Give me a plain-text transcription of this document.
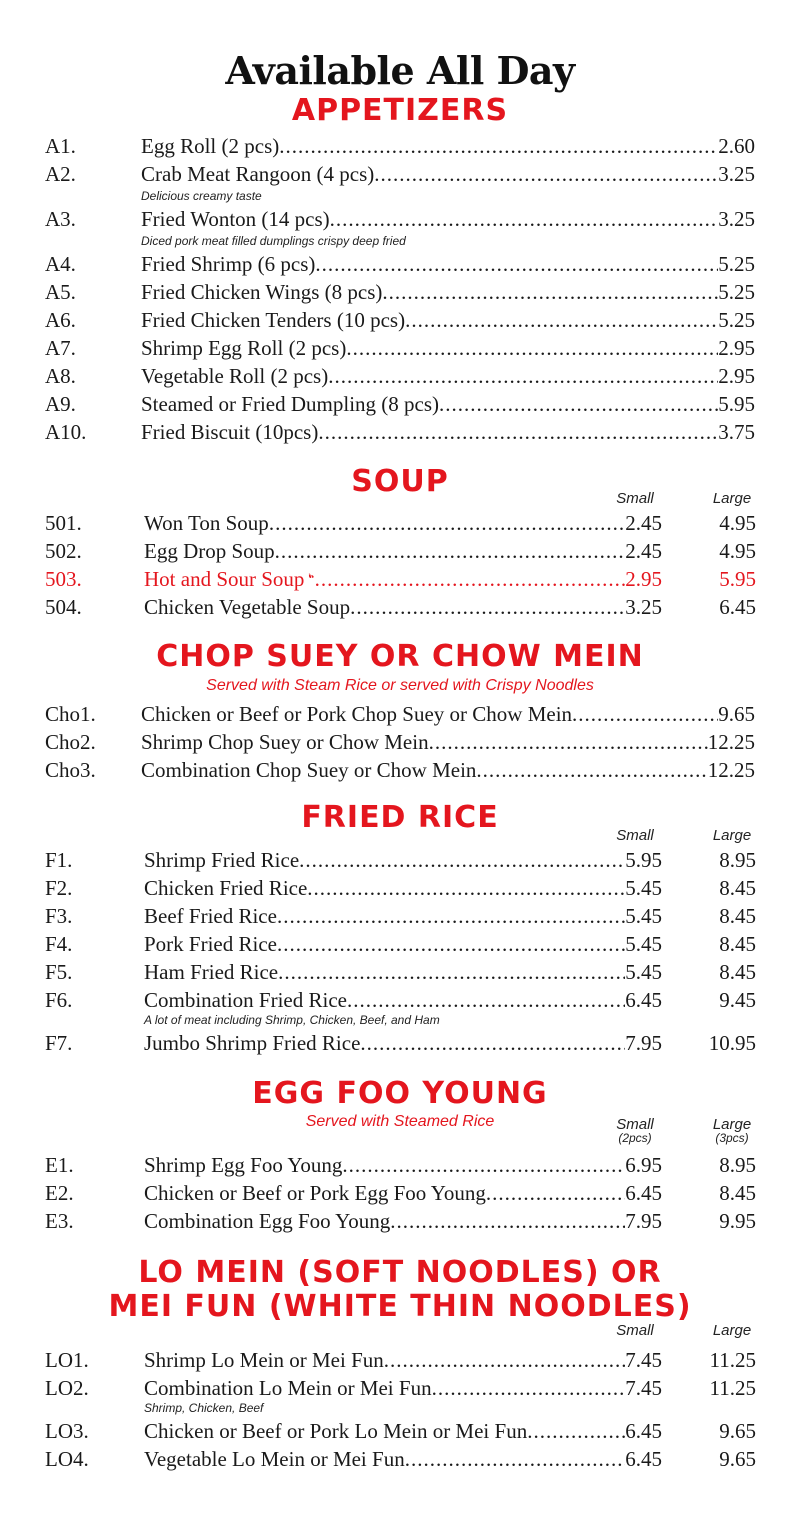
Available All Day
APPETIZERS
A1.	Egg Roll (2 pcs) .....	2.60
A2.	Crab Meat Rangoon (4 pcs) .....	3.25
Delicious creamy taste
A3.	Fried Wonton (14 pcs) .....	3.25
Diced pork meat filled dumplings crispy deep fried
A4.	Fried Shrimp (6 pcs) .....	5.25
A5.	Fried Chicken Wings (8 pcs) .....	5.25
A6.	Fried Chicken Tenders (10 pcs) .....	5.25
A7.	Shrimp Egg Roll (2 pcs) .....	2.95
A8.	Vegetable Roll (2 pcs) .....	2.95
A9.	Steamed or Fried Dumpling (8 pcs) .....	5.95
A10.	Fried Biscuit (10pcs) .....	3.75
SOUP	Small	Large
501.	Won Ton Soup .....	2.45	4.95
502.	Egg Drop Soup .....	2.45	4.95
503.	Hot and Sour Soup .....	2.95	5.95
504.	Chicken Vegetable Soup .....	3.25	6.45
CHOP SUEY OR CHOW MEIN
Served with Steam Rice or served with Crispy Noodles
Cho1. Chicken or Beef or Pork Chop Suey or Chow Mein .....	9.65
Cho2. Shrimp Chop Suey or Chow Mein .....	12.25
Cho3. Combination Chop Suey or Chow Mein .....	12.25
FRIED RICE
Small	Large
F1.	Shrimp Fried Rice .....	5.95	8.95
F2.	Chicken Fried Rice .....	5.45	8.45
F3.	Beef Fried Rice .....	5.45	8.45
F4.	Pork Fried Rice .....	5.45	8.45
F5.	Ham Fried Rice .....	5.45	8.45
F6.	Combination Fried Rice .....	6.45	9.45
A lot of meat including Shrimp, Chicken, Beef, and Ham
F7.	Jumbo Shrimp Fried Rice .....	7.95 10.95
EGG FOO YOUNG
Served with Steamed Rice	Small
(2pcs)
Large
(3pcs)
E1.	Shrimp Egg Foo Young .....	6.95	8.95
E2.	Chicken or Beef or Pork Egg Foo Young .....	6.45	8.45
E3.	Combination Egg Foo Young .....	7.95	9.95
LO MEIN (SOFT NOODLES) OR
MEI FUN (WHITE THIN NOODLES)
Small	Large
LO1.	Shrimp Lo Mein or Mei Fun .....	7.45 11.25
LO2.	Combination Lo Mein or Mei Fun .....	7.45 11.25
Shrimp, Chicken, Beef
LO3.	Chicken or Beef or Pork Lo Mein or Mei Fun .....	6.45	9.65
LO4.	Vegetable Lo Mein or Mei Fun .....	6.45	9.65
